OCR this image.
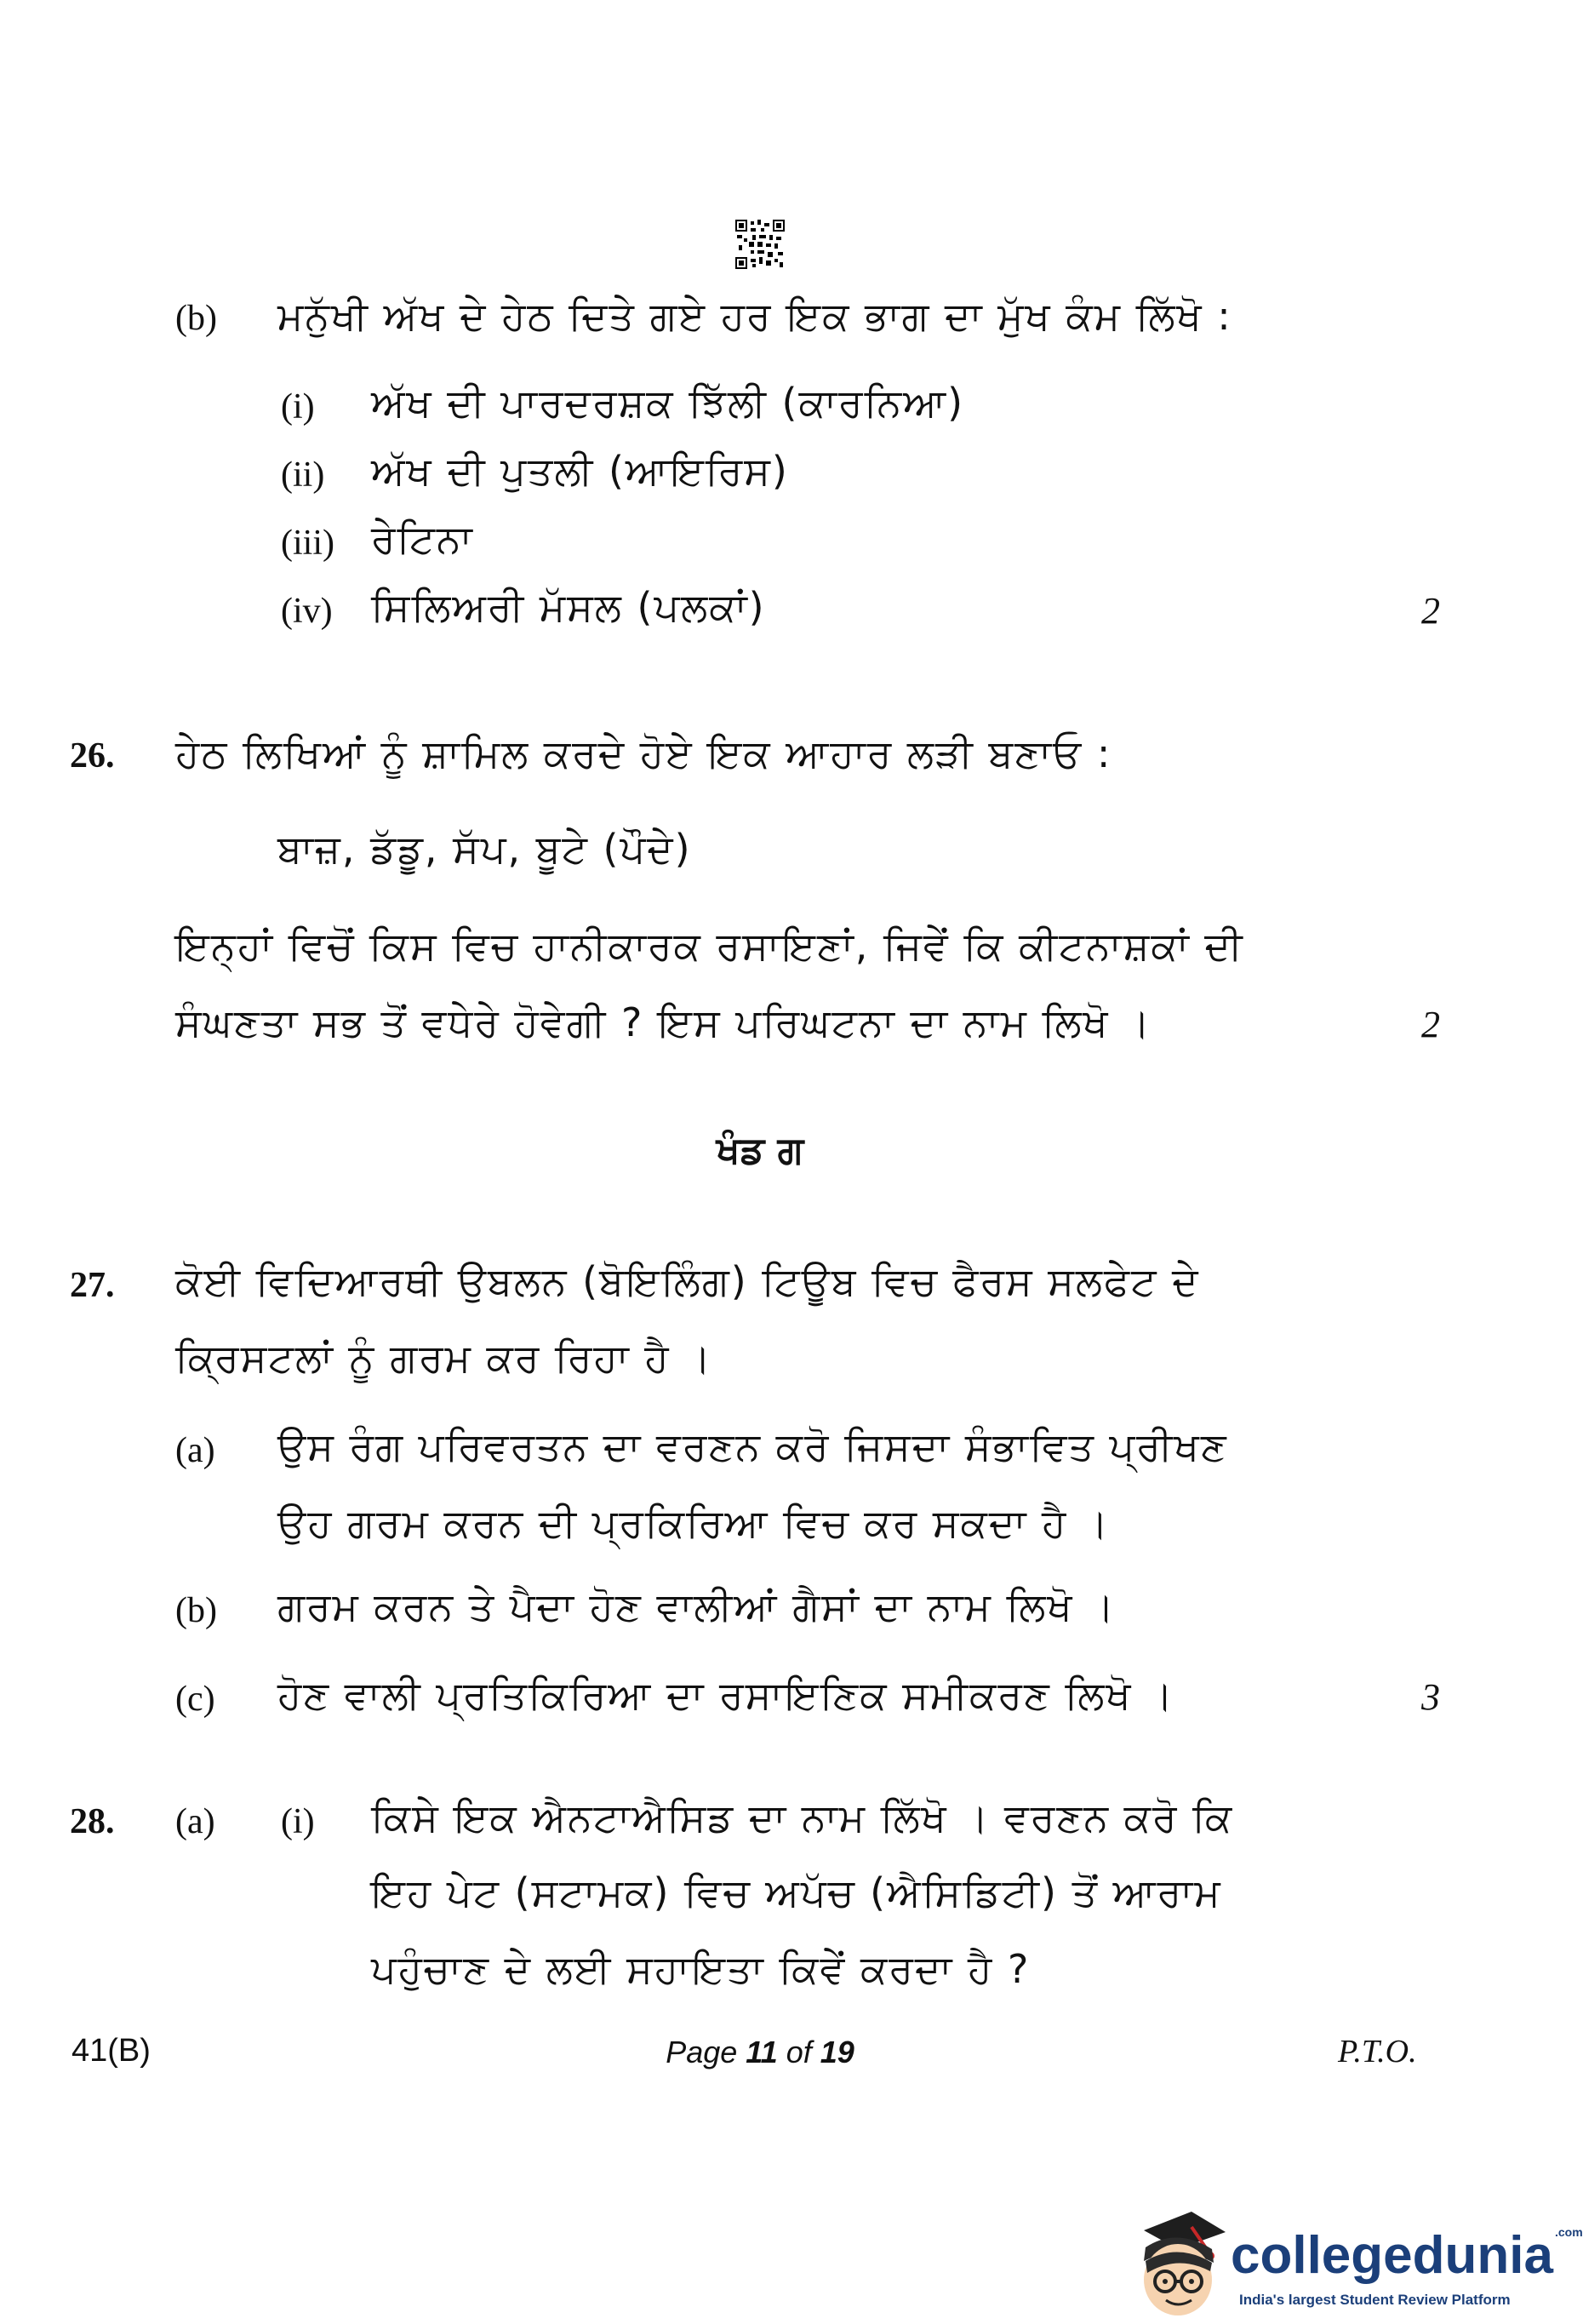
(b) ਮਨੁੱਖੀ ਅੱਖ ਦੇ ਹੇਠ ਦਿਤੇ ਗਏ ਹਰ ਇਕ ਭਾਗ ਦਾ ਮੁੱਖ ਕੰਮ ਲਿੱਖੋ :
(i) ਅੱਖ ਦੀ ਪਾਰਦਰਸ਼ਕ ਝਿੱਲੀ (ਕਾਰਨਿਆ)
(ii) ਅੱਖ ਦੀ ਪੁਤਲੀ (ਆਇਰਿਸ)
(iii) ਰੇਟਿਨਾ
(iv) ਸਿਲਿਅਰੀ ਮੱਸਲ (ਪਲਕਾਂ)	2
26. ਹੇਠ ਲਿਖਿਆਂ ਨੂੰ ਸ਼ਾਮਿਲ ਕਰਦੇ ਹੋਏ ਇਕ ਆਹਾਰ ਲੜੀ ਬਣਾਓ :
ਬਾਜ਼, ਡੱਡੂ, ਸੱਪ, ਬੂਟੇ (ਪੌਦੇ)
ਇਨ੍ਹਾਂ ਵਿਚੋਂ ਕਿਸ ਵਿਚ ਹਾਨੀਕਾਰਕ ਰਸਾਇਣਾਂ, ਜਿਵੇਂ ਕਿ ਕੀਟਨਾਸ਼ਕਾਂ ਦੀ
ਸੰਘਣਤਾ ਸਭ ਤੋਂ ਵਧੇਰੇ ਹੋਵੇਗੀ ? ਇਸ ਪਰਿਘਟਨਾ ਦਾ ਨਾਮ ਲਿਖੋ ।	2
ਖੰਡ ਗ
27. ਕੋਈ ਵਿਦਿਆਰਥੀ ਉਬਲਨ (ਬੋਇਲਿੰਗ) ਟਿਊਬ ਵਿਚ ਫੈਰਸ ਸਲਫੇਟ ਦੇ
ਕ੍ਰਿਸਟਲਾਂ ਨੂੰ ਗਰਮ ਕਰ ਰਿਹਾ ਹੈ ।
(a) ਉਸ ਰੰਗ ਪਰਿਵਰਤਨ ਦਾ ਵਰਣਨ ਕਰੋ ਜਿਸਦਾ ਸੰਭਾਵਿਤ ਪ੍ਰੀਖਣ
ਉਹ ਗਰਮ ਕਰਨ ਦੀ ਪ੍ਰਕਿਰਿਆ ਵਿਚ ਕਰ ਸਕਦਾ ਹੈ ।
(b) ਗਰਮ ਕਰਨ ਤੇ ਪੈਦਾ ਹੋਣ ਵਾਲੀਆਂ ਗੈਸਾਂ ਦਾ ਨਾਮ ਲਿਖੋ ।
(c) ਹੋਣ ਵਾਲੀ ਪ੍ਰਤਿਕਿਰਿਆ ਦਾ ਰਸਾਇਣਿਕ ਸਮੀਕਰਣ ਲਿਖੋ ।	3
28. (a) (i) ਕਿਸੇ ਇਕ ਐਨਟਾਐਸਿਡ ਦਾ ਨਾਮ ਲਿੱਖੋ । ਵਰਣਨ ਕਰੋ ਕਿ
ਇਹ ਪੇਟ (ਸਟਾਮਕ) ਵਿਚ ਅਪੱਚ (ਐਸਿਡਿਟੀ) ਤੋਂ ਆਰਾਮ
ਪਹੁੰਚਾਣ ਦੇ ਲਈ ਸਹਾਇਤਾ ਕਿਵੇਂ ਕਰਦਾ ਹੈ ?
41(B)	Page 11 of 19	P.T.O.
collegedunia $^{.com}$
India's largest Student Review Platform
